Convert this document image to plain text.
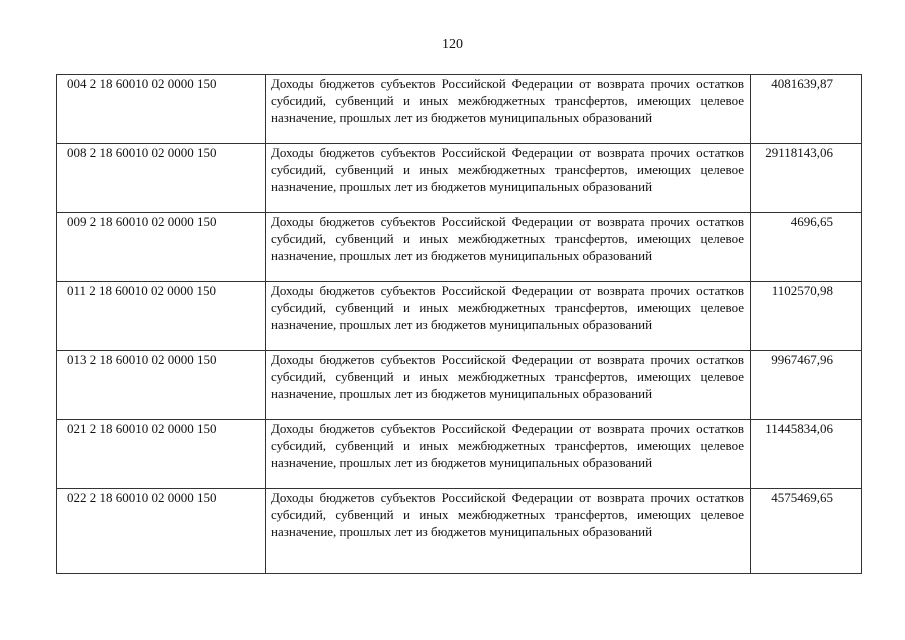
120
004 2 18 60010 02 0000 150	Доходы бюджетов субъектов Российской Федерации от возврата прочих остатков субсидий, субвенций и иных межбюджетных трансфертов, имеющих целевое назначение, прошлых лет из бюджетов муниципальных образований	4081639,87
008 2 18 60010 02 0000 150	Доходы бюджетов субъектов Российской Федерации от возврата прочих остатков субсидий, субвенций и иных межбюджетных трансфертов, имеющих целевое назначение, прошлых лет из бюджетов муниципальных образований	29118143,06
009 2 18 60010 02 0000 150	Доходы бюджетов субъектов Российской Федерации от возврата прочих остатков субсидий, субвенций и иных межбюджетных трансфертов, имеющих целевое назначение, прошлых лет из бюджетов муниципальных образований	4696,65
011 2 18 60010 02 0000 150	Доходы бюджетов субъектов Российской Федерации от возврата прочих остатков субсидий, субвенций и иных межбюджетных трансфертов, имеющих целевое назначение, прошлых лет из бюджетов муниципальных образований	1102570,98
013 2 18 60010 02 0000 150	Доходы бюджетов субъектов Российской Федерации от возврата прочих остатков субсидий, субвенций и иных межбюджетных трансфертов, имеющих целевое назначение, прошлых лет из бюджетов муниципальных образований	9967467,96
021 2 18 60010 02 0000 150	Доходы бюджетов субъектов Российской Федерации от возврата прочих остатков субсидий, субвенций и иных межбюджетных трансфертов, имеющих целевое назначение, прошлых лет из бюджетов муниципальных образований	11445834,06
022 2 18 60010 02 0000 150	Доходы бюджетов субъектов Российской Федерации от возврата прочих остатков субсидий, субвенций и иных межбюджетных трансфертов, имеющих целевое назначение, прошлых лет из бюджетов муниципальных образований	4575469,65
